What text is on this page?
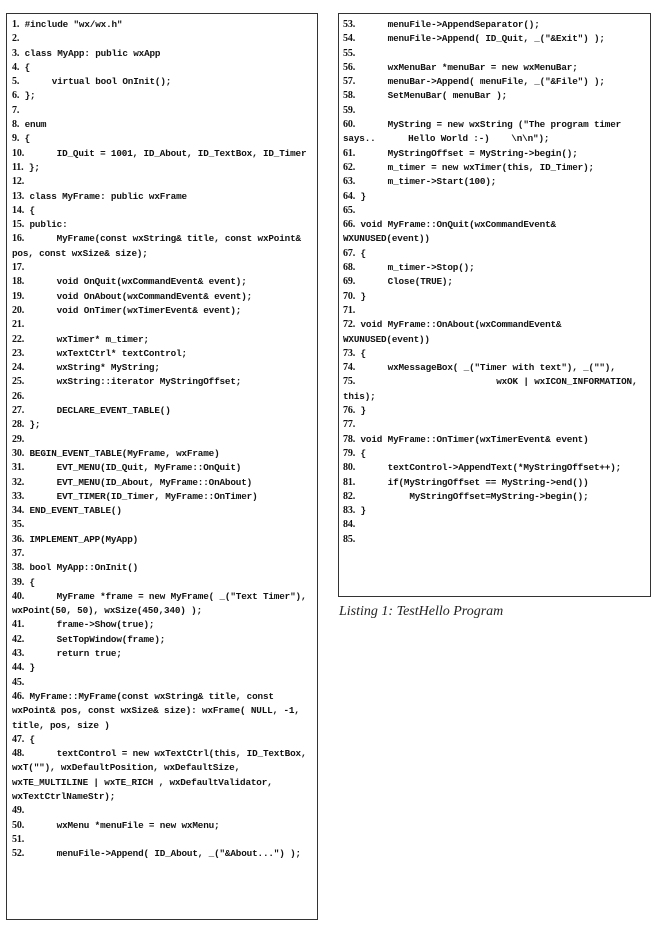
1. #include "wx/wx.h"
2.
3. class MyApp: public wxApp
4. {
5.      virtual bool OnInit();
6. };
7.
8. enum
9. {
10.      ID_Quit = 1001, ID_About, ID_TextBox, ID_Timer
11. };
12.
13. class MyFrame: public wxFrame
14. {
15. public:
16.      MyFrame(const wxString& title, const wxPoint& pos, const wxSize& size);
17.
18.      void OnQuit(wxCommandEvent& event);
19.      void OnAbout(wxCommandEvent& event);
20.      void OnTimer(wxTimerEvent& event);
21.
22.      wxTimer* m_timer;
23.      wxTextCtrl* textControl;
24.      wxString* MyString;
25.      wxString::iterator MyStringOffset;
26.
27.      DECLARE_EVENT_TABLE()
28. };
29.
30. BEGIN_EVENT_TABLE(MyFrame, wxFrame)
31.      EVT_MENU(ID_Quit, MyFrame::OnQuit)
32.      EVT_MENU(ID_About, MyFrame::OnAbout)
33.      EVT_TIMER(ID_Timer, MyFrame::OnTimer)
34. END_EVENT_TABLE()
35.
36. IMPLEMENT_APP(MyApp)
37.
38. bool MyApp::OnInit()
39. {
40.      MyFrame *frame = new MyFrame( _("Text Timer"), wxPoint(50, 50), wxSize(450,340) );
41.      frame->Show(true);
42.      SetTopWindow(frame);
43.      return true;
44. }
45.
46. MyFrame::MyFrame(const wxString& title, const wxPoint& pos, const wxSize& size): wxFrame( NULL, -1, title, pos, size )
47. {
48.      textControl = new wxTextCtrl(this, ID_TextBox, wxT(""), wxDefaultPosition, wxDefaultSize, wxTE_MULTILINE | wxTE_RICH , wxDefaultValidator, wxTextCtrlNameStr);
49.
50.      wxMenu *menuFile = new wxMenu;
51.
52.      menuFile->Append( ID_About, _("&About...") );
53.      menuFile->AppendSeparator();
54.      menuFile->Append( ID_Quit, _("&Exit") );
55.
56.      wxMenuBar *menuBar = new wxMenuBar;
57.      menuBar->Append( menuFile, _("&File") );
58.      SetMenuBar( menuBar );
59.
60.      MyString = new wxString ("The program timer says..      Hello World :-)    \n\n");
61.      MyStringOffset = MyString->begin();
62.      m_timer = new wxTimer(this, ID_Timer);
63.      m_timer->Start(100);
64. }
65.
66. void MyFrame::OnQuit(wxCommandEvent& WXUNUSED(event))
67. {
68.      m_timer->Stop();
69.      Close(TRUE);
70. }
71.
72. void MyFrame::OnAbout(wxCommandEvent& WXUNUSED(event))
73. {
74.      wxMessageBox( _("Timer with text"), _(""),
75.                          wxOK | wxICON_INFORMATION, this);
76. }
77.
78. void MyFrame::OnTimer(wxTimerEvent& event)
79. {
80.      textControl->AppendText(*MyStringOffset++);
81.      if(MyStringOffset == MyString->end())
82.          MyStringOffset=MyString->begin();
83. }
84.
85.
Listing 1: TestHello Program
